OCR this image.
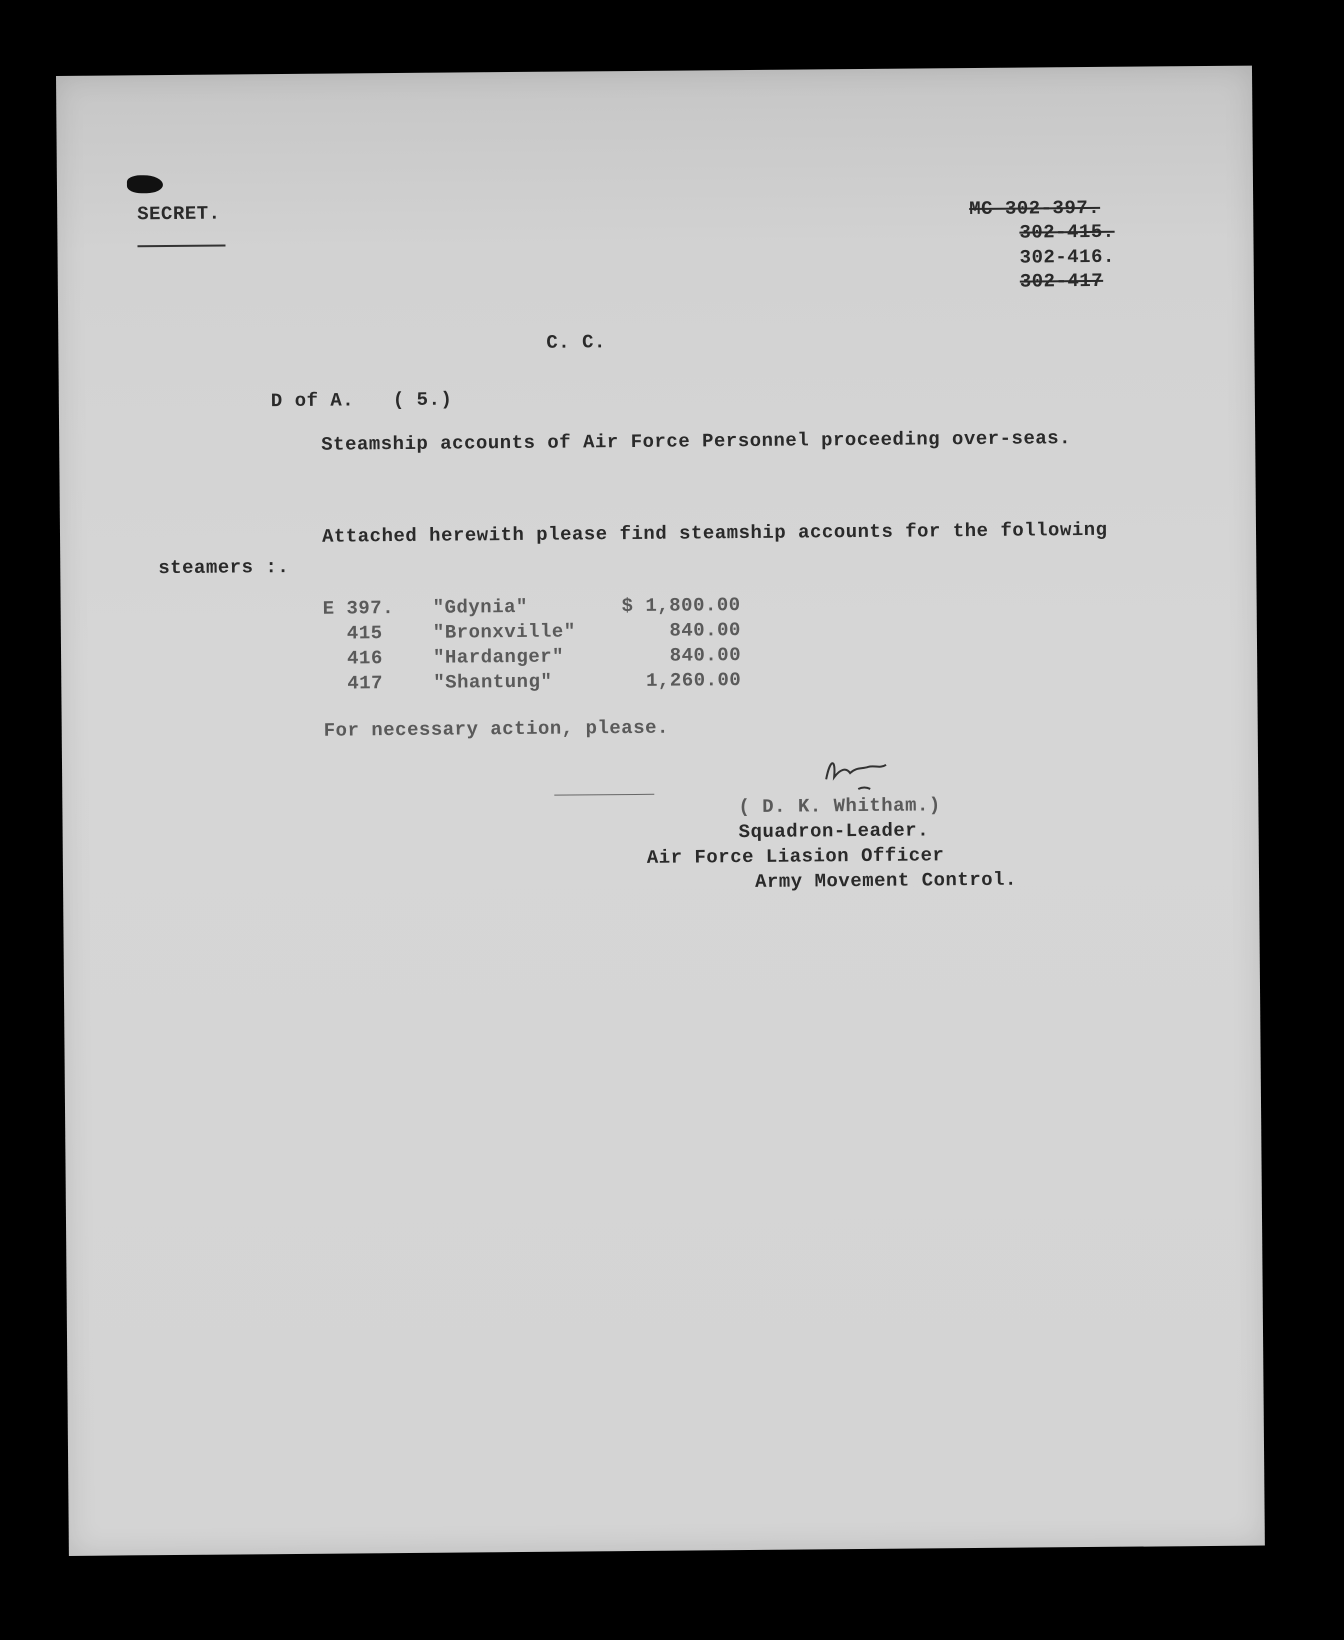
SECRET.	MC 302-397.
302-415.
302-416.
302-417
C. C.
D of A. ( 5.)
Steamship accounts of Air Force Personnel proceeding over-seas.
Attached herewith please find steamship accounts for the following
steamers :.
E 397. "Gdynia"	$ 1,800.00
415	"Bronxville"	840.00
416	"Hardanger"	840.00
417	"Shantung"	1,260.00
For necessary action, please.
( D. K. Whitham.)
Squadron-Leader.
Air Force Liasion Officer
Army Movement Control.
